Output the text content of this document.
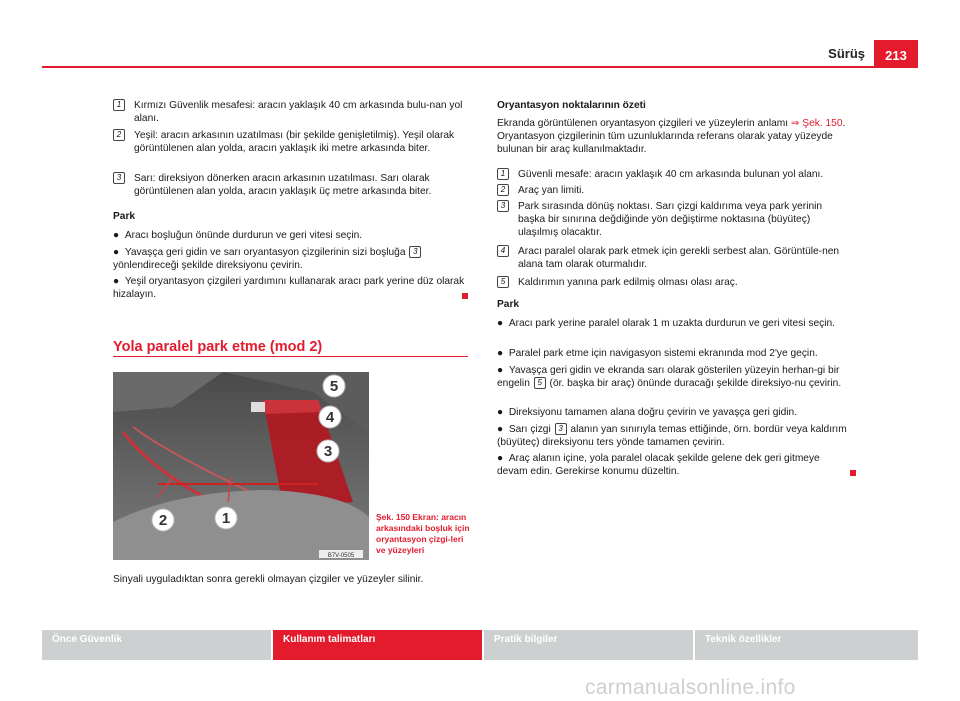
Sürüş	213
1	Kırmızı Güvenlik mesafesi: aracın yaklaşık 40 cm arkasında bulu-nan yol alanı.

2	Yeşil: aracın arkasının uzatılması (bir şekilde genişletilmiş). Yeşil olarak görüntülenen alan yolda, aracın yaklaşık iki metre arkasında biter.

3	Sarı: direksiyon dönerken aracın arkasının uzatılması. Sarı olarak görüntülenen alan yolda, aracın yaklaşık üç metre arkasında biter.

Park

●  Aracı boşluğun önünde durdurun ve geri vitesi seçin.

●  Yavaşça geri gidin ve sarı oryantasyon çizgilerinin sizi boşluğa 3 yönlendireceği şekilde direksiyonu çevirin.

●  Yeşil oryantasyon çizgileri yardımını kullanarak aracı park yerine düz olarak hizalayın.

Yola paralel park etme (mod 2)
5
4
3
2	1
B7V-0505
Şek. 150 Ekran: aracın arkasındaki boşluk için oryantasyon çizgi-leri ve yüzeyleri

Sinyali uyguladıktan sonra gerekli olmayan çizgiler ve yüzeyler silinir.

Oryantasyon noktalarının özeti

Ekranda görüntülenen oryantasyon çizgileri ve yüzeylerin anlamı ⇒ Şek. 150. Oryantasyon çizgilerinin tüm uzunluklarında referans olarak yatay yüzeyde bulunan bir araç kullanılmaktadır.

1	Güvenli mesafe: aracın yaklaşık 40 cm arkasında bulunan yol alanı.

2	Araç yan limiti.

3	Park sırasında dönüş noktası. Sarı çizgi kaldırıma veya park yerinin başka bir sınırına değdiğinde yön değiştirme noktasına (büyüteç) ulaşılmış olacaktır.

4	Aracı paralel olarak park etmek için gerekli serbest alan. Görüntüle-nen alana tam olarak oturmalıdır.

5	Kaldırımın yanına park edilmiş olması olası araç.

Park

●  Aracı park yerine paralel olarak 1 m uzakta durdurun ve geri vitesi seçin.

●  Paralel park etme için navigasyon sistemi ekranında mod 2'ye geçin.

●  Yavaşça geri gidin ve ekranda sarı olarak gösterilen yüzeyin herhan-gi bir engelin 5 (ör. başka bir araç) önünde duracağı şekilde direksiyo-nu çevirin.

●  Direksiyonu tamamen alana doğru çevirin ve yavaşça geri gidin.

●  Sarı çizgi 3 alanın yan sınırıyla temas ettiğinde, örn. bordür veya kaldırım (büyüteç) direksiyonu ters yönde tamamen çevirin.

●  Araç alanın içine, yola paralel olacak şekilde gelene dek geri gitmeye devam edin. Gerekirse konumu düzeltin.

Önce Güvenlik	Kullanım talimatları	Pratik bilgiler	Teknik özellikler
carmanualsonline.info
